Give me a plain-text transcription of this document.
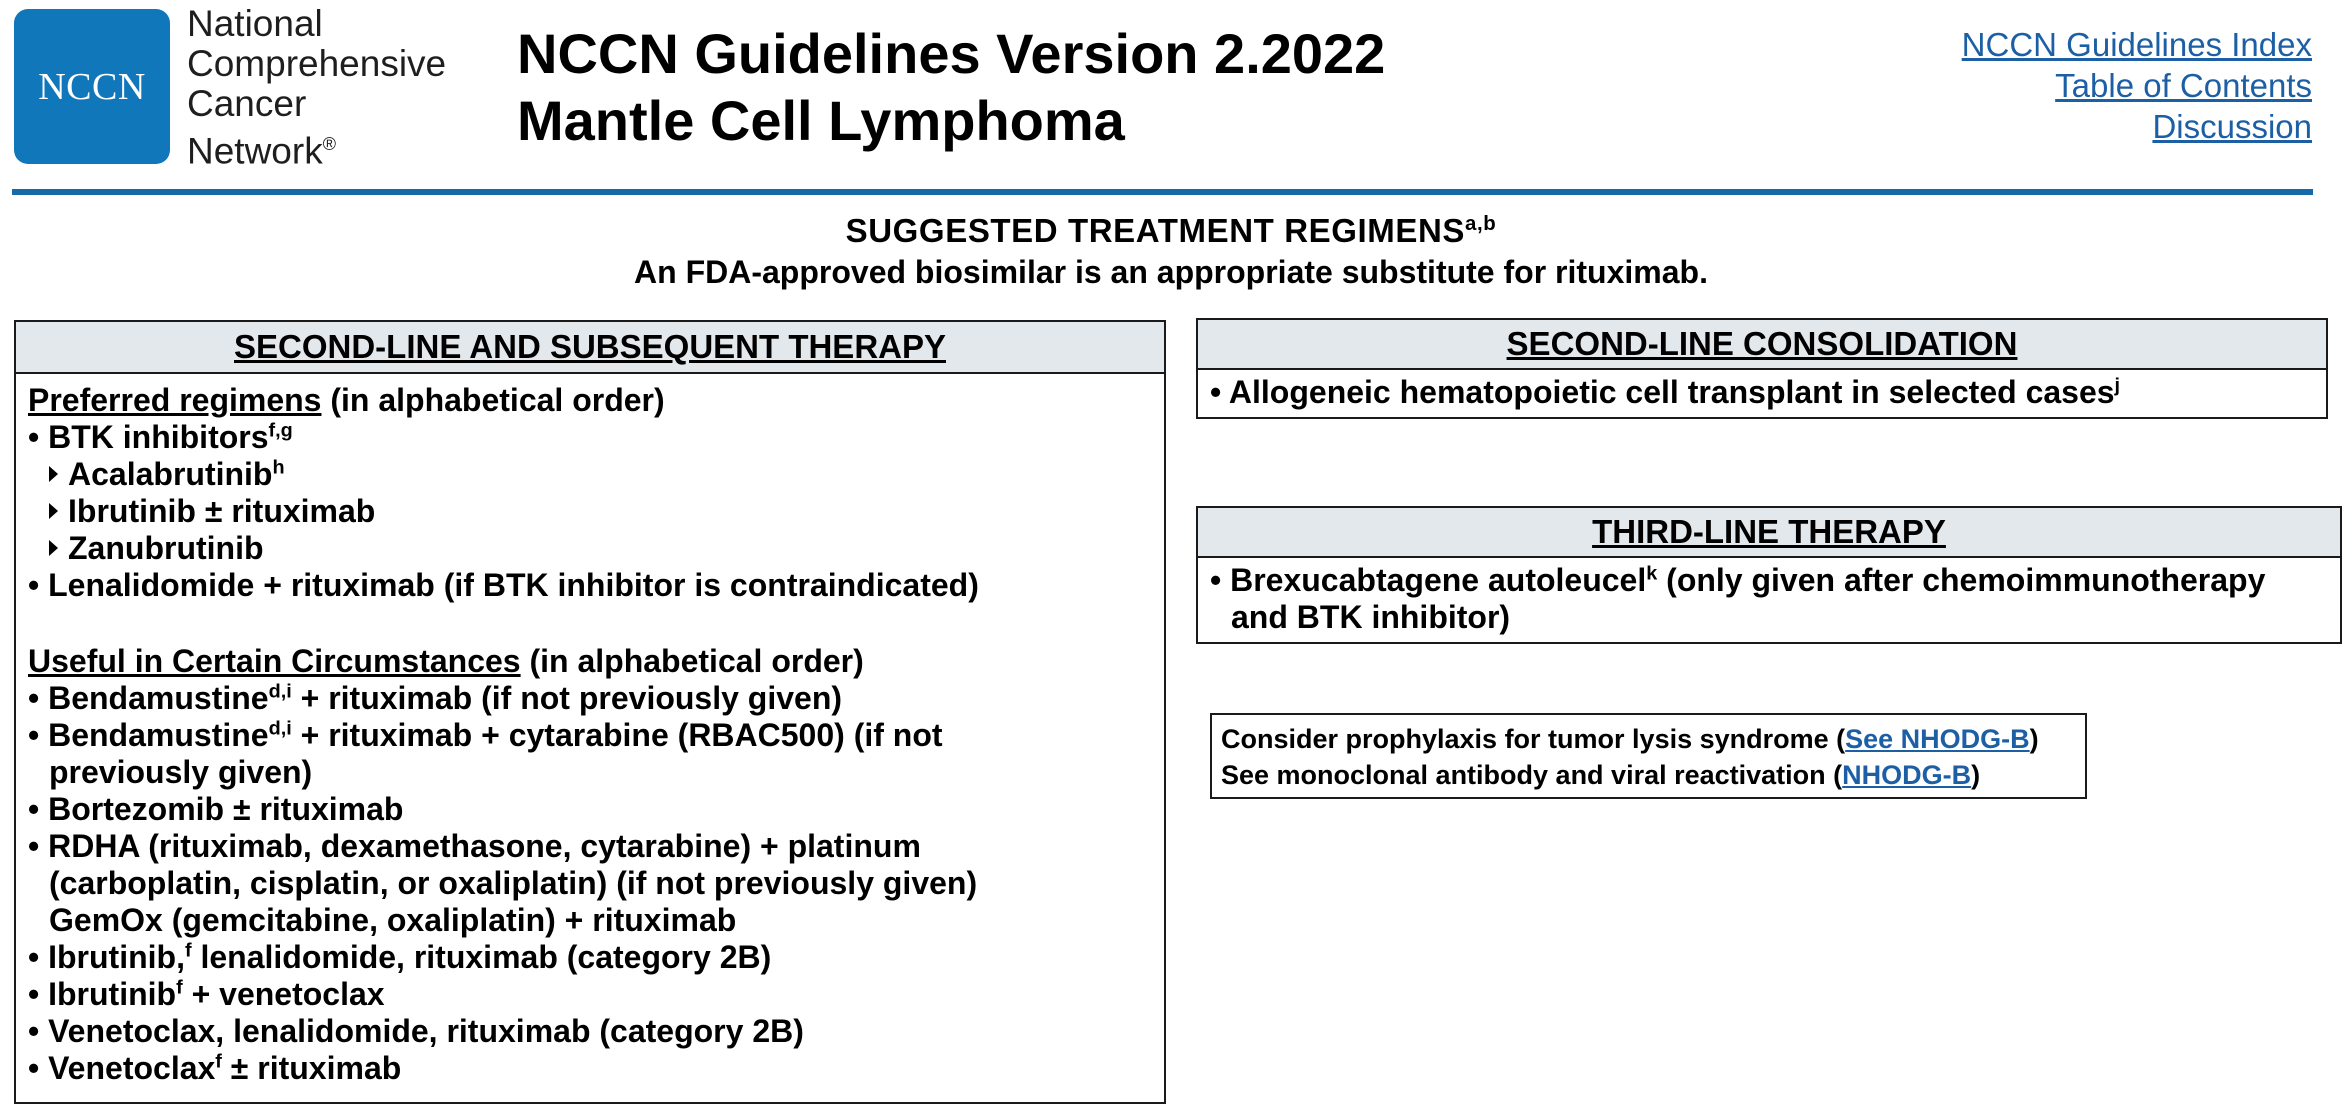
NCCN
National
Comprehensive
Cancer
Network®
NCCN Guidelines Version 2.2022
Mantle Cell Lymphoma
NCCN Guidelines Index
Table of Contents
Discussion
SUGGESTED TREATMENT REGIMENS$^{a,b}$
An FDA-approved biosimilar is an appropriate substitute for rituximab.
SECOND-LINE AND SUBSEQUENT THERAPY
Preferred regimens (in alphabetical order)
• BTK inhibitors$^{f,g}$
Acalabrutinib$^h$
Ibrutinib ± rituximab
Zanubrutinib
• Lenalidomide + rituximab (if BTK inhibitor is contraindicated)
Useful in Certain Circumstances (in alphabetical order)
• Bendamustine$^{d,i}$ + rituximab (if not previously given)
• Bendamustine$^{d,i}$ + rituximab + cytarabine (RBAC500) (if not
previously given)
• Bortezomib ± rituximab
• RDHA (rituximab, dexamethasone, cytarabine) + platinum
(carboplatin, cisplatin, or oxaliplatin) (if not previously given)
GemOx (gemcitabine, oxaliplatin) + rituximab
• Ibrutinib,$^f$ lenalidomide, rituximab (category 2B)
• Ibrutinib$^f$ + venetoclax
• Venetoclax, lenalidomide, rituximab (category 2B)
• Venetoclax$^f$ ± rituximab
SECOND-LINE CONSOLIDATION
• Allogeneic hematopoietic cell transplant in selected cases$^j$
THIRD-LINE THERAPY
• Brexucabtagene autoleucel$^k$ (only given after chemoimmunotherapy
and BTK inhibitor)
Consider prophylaxis for tumor lysis syndrome (See NHODG-B)
See monoclonal antibody and viral reactivation (NHODG-B)
